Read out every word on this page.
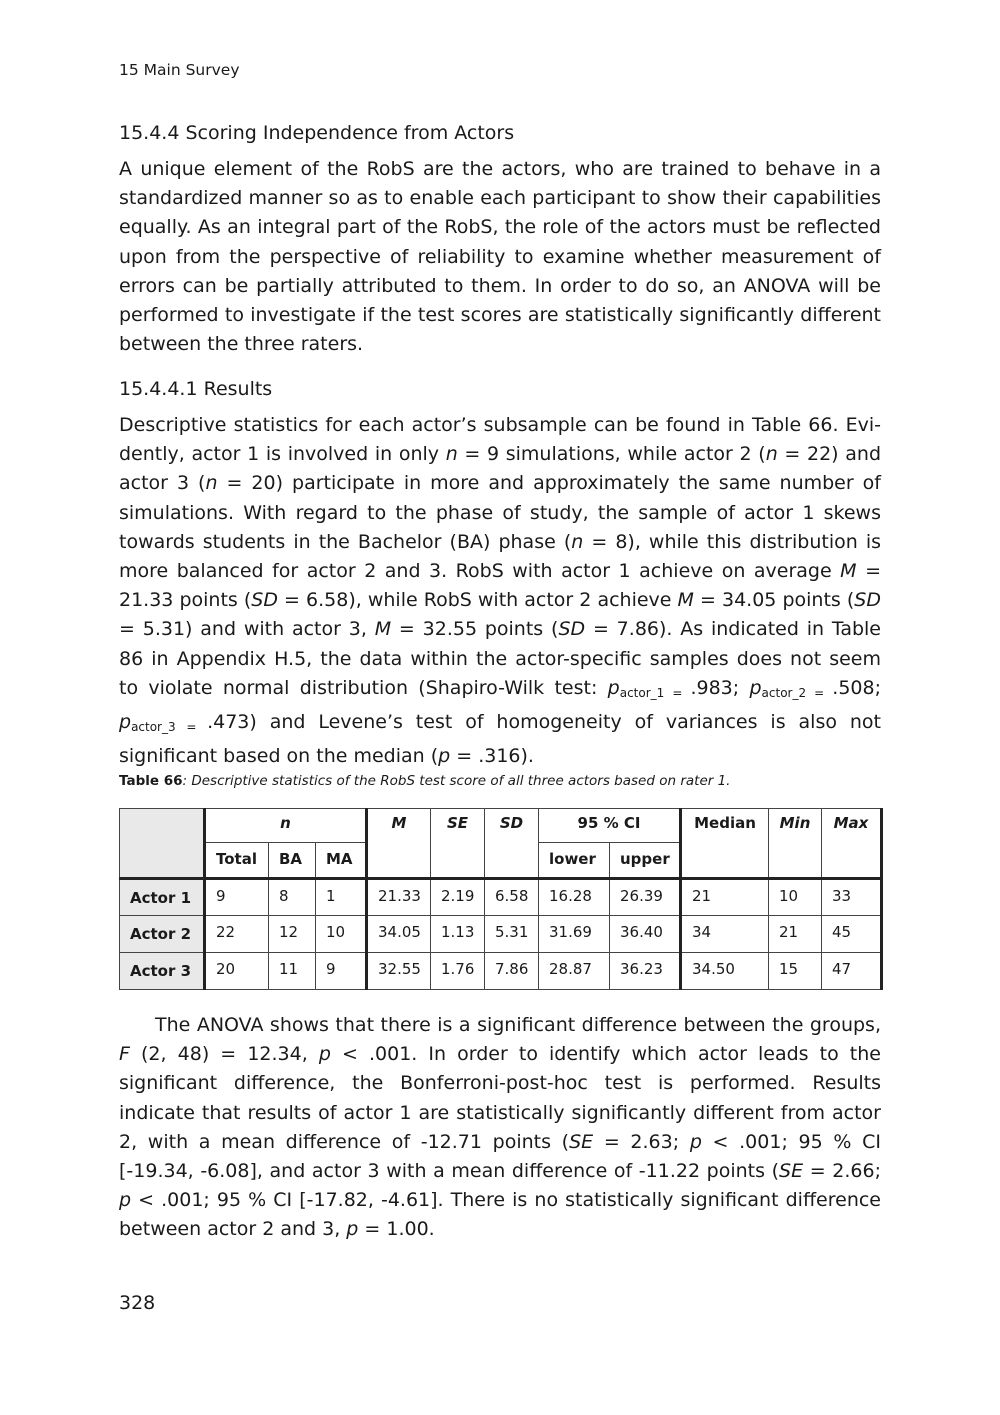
15 Main Survey
15.4.4 Scoring Independence from Actors
A unique element of the RobS are the actors, who are trained to behave in a standardized manner so as to enable each participant to show their capabilities equally. As an integral part of the RobS, the role of the actors must be reflected upon from the perspective of reliability to examine whether measurement of errors can be partially attributed to them. In order to do so, an ANOVA will be performed to investigate if the test scores are statistically significantly different between the three raters.
15.4.4.1 Results
Descriptive statistics for each actor’s subsample can be found in Table 66. Evidently, actor 1 is involved in only n = 9 simulations, while actor 2 (n = 22) and actor 3 (n = 20) participate in more and approximately the same number of simulations. With regard to the phase of study, the sample of actor 1 skews towards students in the Bachelor (BA) phase (n = 8), while this distribution is more balanced for actor 2 and 3. RobS with actor 1 achieve on average M = 21.33 points (SD = 6.58), while RobS with actor 2 achieve M = 34.05 points (SD = 5.31) and with actor 3, M = 32.55 points (SD = 7.86). As indicated in Table 86 in Appendix H.5, the data within the actor-specific samples does not seem to violate normal distribution (Shapiro-Wilk test: $p_{actor\_1 =}$ .983; $p_{actor\_2 =}$ .508; $p_{actor\_3 =}$ .473) and Levene’s test of homogeneity of variances is also not significant based on the median (p = .316).
Table 66: Descriptive statistics of the RobS test score of all three actors based on rater 1.
	n			M	SE	SD	95 % CI		Median	Min	Max
	Total	BA	MA				lower	upper			
Actor 1	9	8	1	21.33	2.19	6.58	16.28	26.39	21	10	33
Actor 2	22	12	10	34.05	1.13	5.31	31.69	36.40	34	21	45
Actor 3	20	11	9	32.55	1.76	7.86	28.87	36.23	34.50	15	47
The ANOVA shows that there is a significant difference between the groups, F (2, 48) = 12.34, p < .001. In order to identify which actor leads to the significant difference, the Bonferroni-post-hoc test is performed. Results indicate that results of actor 1 are statistically significantly different from actor 2, with a mean difference of -12.71 points (SE = 2.63; p < .001; 95 % CI [-19.34, -6.08], and actor 3 with a mean difference of -11.22 points (SE = 2.66; p < .001; 95 % CI [-17.82, -4.61]. There is no statistically significant difference between actor 2 and 3, p = 1.00.
328
